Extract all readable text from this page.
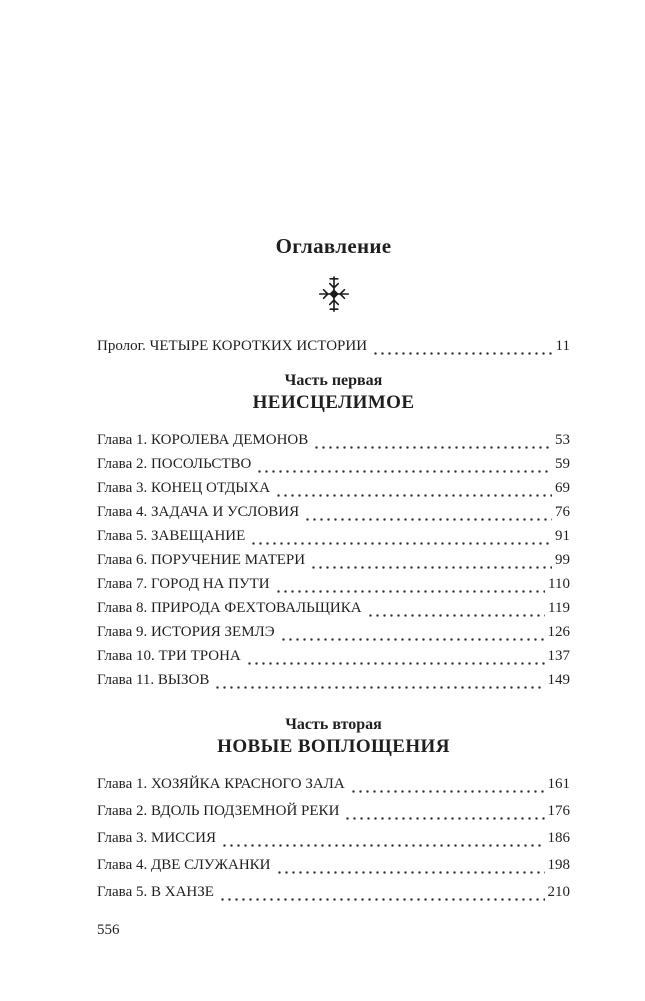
Оглавление
Пролог. ЧЕТЫРЕ КОРОТКИХ ИСТОРИИ	11
Часть первая
НЕИСЦЕЛИМОЕ
Глава 1. КОРОЛЕВА ДЕМОНОВ	53
Глава 2. ПОСОЛЬСТВО	59
Глава 3. КОНЕЦ ОТДЫХА	69
Глава 4. ЗАДАЧА И УСЛОВИЯ	76
Глава 5. ЗАВЕЩАНИЕ	91
Глава 6. ПОРУЧЕНИЕ МАТЕРИ	99
Глава 7. ГОРОД НА ПУТИ	110
Глава 8. ПРИРОДА ФЕХТОВАЛЬЩИКА	119
Глава 9. ИСТОРИЯ ЗЕМЛЭ	126
Глава 10. ТРИ ТРОНА	137
Глава 11. ВЫЗОВ	149
Часть вторая
НОВЫЕ ВОПЛОЩЕНИЯ
Глава 1. ХОЗЯЙКА КРАСНОГО ЗАЛА	161
Глава 2. ВДОЛЬ ПОДЗЕМНОЙ РЕКИ	176
Глава 3. МИССИЯ	186
Глава 4. ДВЕ СЛУЖАНКИ	198
Глава 5. В ХАНЗЕ	210
556
